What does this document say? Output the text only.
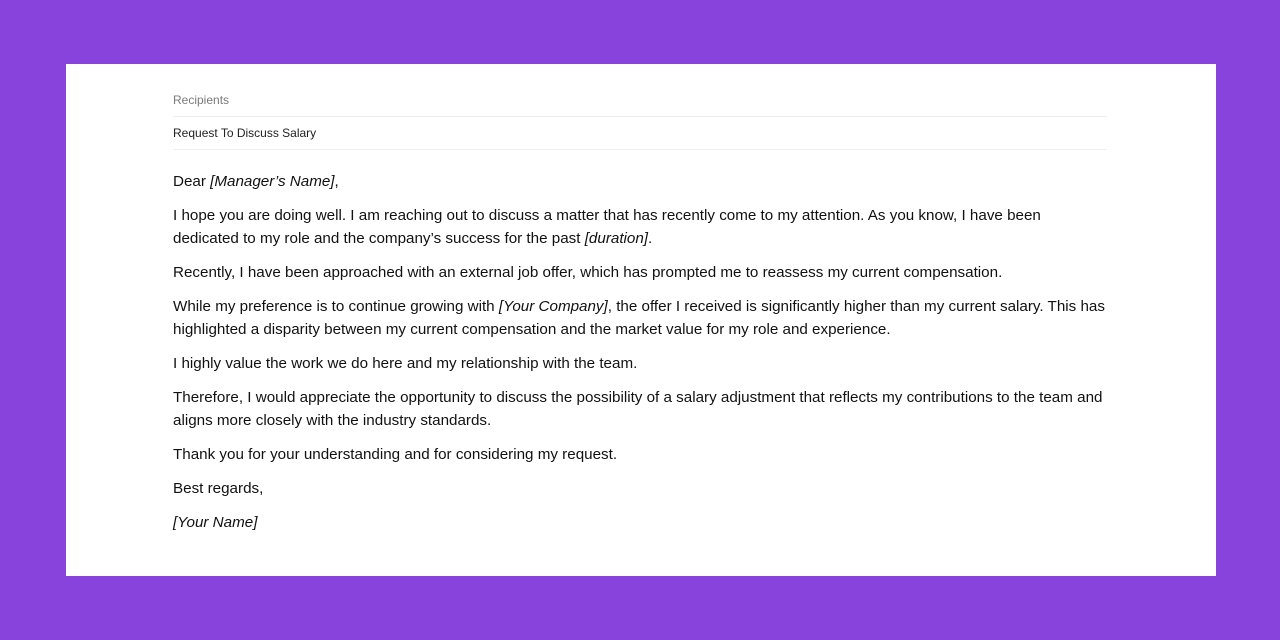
Recipients
Request To Discuss Salary

Dear [Manager’s Name],

I hope you are doing well. I am reaching out to discuss a matter that has recently come to my attention. As you know, I have been dedicated to my role and the company’s success for the past [duration].

Recently, I have been approached with an external job offer, which has prompted me to reassess my current compensation.

While my preference is to continue growing with [Your Company], the offer I received is significantly higher than my current salary. This has highlighted a disparity between my current compensation and the market value for my role and experience.

I highly value the work we do here and my relationship with the team.

Therefore, I would appreciate the opportunity to discuss the possibility of a salary adjustment that reflects my contributions to the team and aligns more closely with the industry standards.

Thank you for your understanding and for considering my request.

Best regards,

[Your Name]
